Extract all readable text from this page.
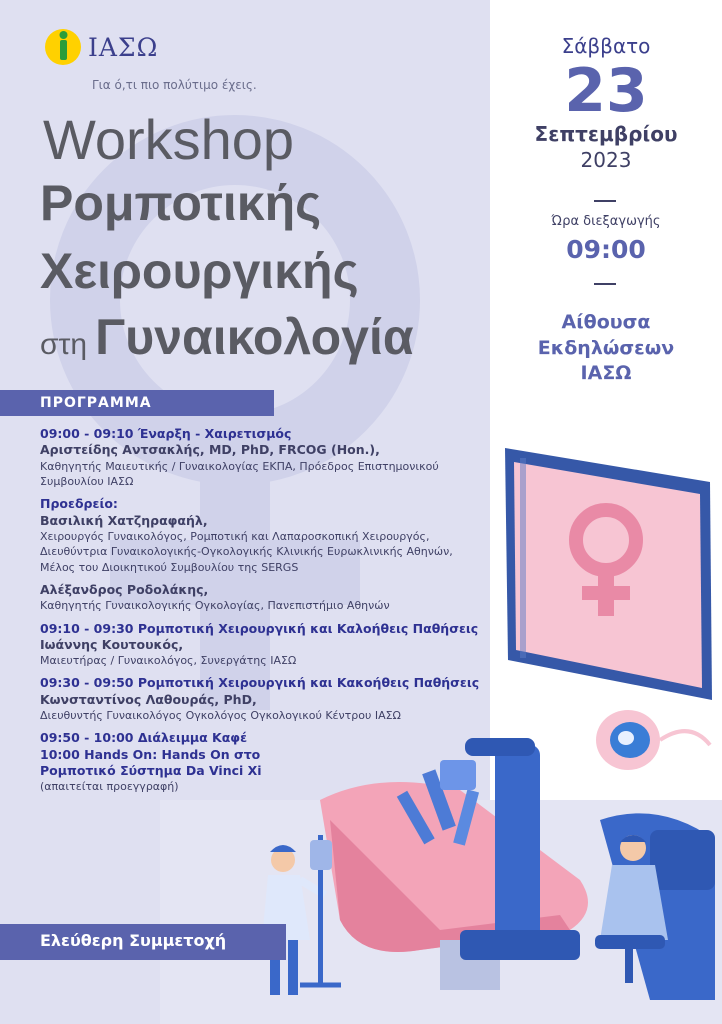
ΙΑΣΩ
Για ό,τι πιο πολύτιμο έχεις.
Workshop
Ρομποτικής
Χειρουργικής
στη Γυναικολογία
Σάββατο
23
Σεπτεμβρίου
2023
Ώρα διεξαγωγής
09:00
Αίθουσα
Εκδηλώσεων
ΙΑΣΩ
ΠΡΟΓΡΑΜΜΑ
09:00 - 09:10 Έναρξη - Χαιρετισμός
Αριστείδης Αντσακλής, MD, PhD, FRCOG (Hon.),
Καθηγητής Μαιευτικής / Γυναικολογίας ΕΚΠΑ, Πρόεδρος Επιστημονικού
Συμβουλίου ΙΑΣΩ
Προεδρείο:
Βασιλική Χατζηραφαήλ,
Χειρουργός Γυναικολόγος, Ρομποτική και Λαπαροσκοπική Χειρουργός,
Διευθύντρια Γυναικολογικής-Ογκολογικής Κλινικής Ευρωκλινικής Αθηνών,
Μέλος του Διοικητικού Συμβουλίου της SERGS
Αλέξανδρος Ροδολάκης,
Καθηγητής Γυναικολογικής Ογκολογίας, Πανεπιστήμιο Αθηνών
09:10 - 09:30 Ρομποτική Χειρουργική και Καλοήθεις Παθήσεις
Ιωάννης Κουτουκός,
Μαιευτήρας / Γυναικολόγος, Συνεργάτης ΙΑΣΩ
09:30 - 09:50 Ρομποτική Χειρουργική και Κακοήθεις Παθήσεις
Κωνσταντίνος Λαθουράς, PhD,
Διευθυντής Γυναικολόγος Ογκολόγος Ογκολογικού Κέντρου ΙΑΣΩ
09:50 - 10:00 Διάλειμμα Καφέ
10:00 Hands On: Hands On στο
Ρομποτικό Σύστημα Da Vinci Xi
(απαιτείται προεγγραφή)
Ελεύθερη Συμμετοχή
